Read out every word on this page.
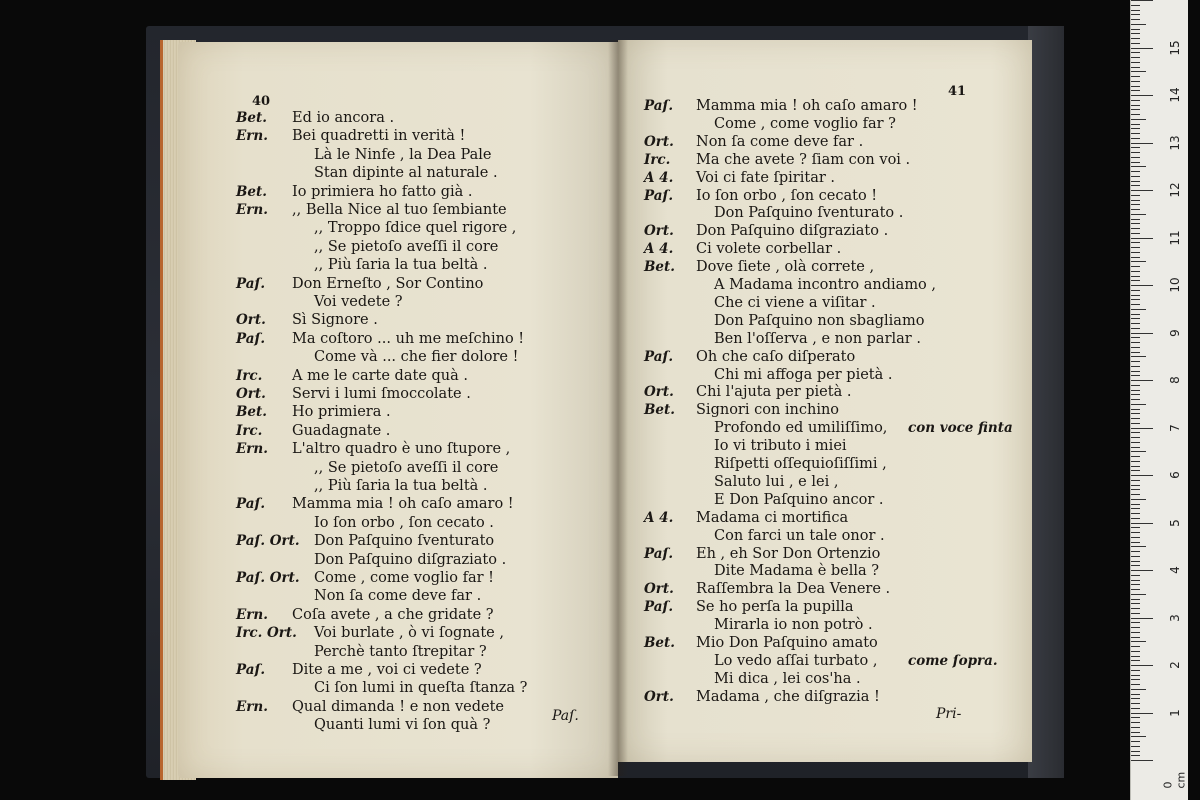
40
Bet. Ed io ancora .
Ern. Bei quadretti in verità !
Là le Ninfe , la Dea Pale
Stan dipinte al naturale .
Bet. Io primiera ho fatto già .
Ern. ,, Bella Nice al tuo ſembiante
,, Troppo ſdice quel rigore ,
,, Se pietoſo aveſſi il core
,, Più ſaria la tua beltà .
Paſ. Don Erneſto , Sor Contino
Voi vedete ?
Ort. Sì Signore .
Paſ. Ma coſtoro ... uh me meſchino !
Come và ... che fier dolore !
Irc. A me le carte date quà .
Ort. Servi i lumi ſmoccolate .
Bet. Ho primiera .
Irc. Guadagnate .
Ern. L'altro quadro è uno ſtupore ,
,, Se pietoſo aveſſi il core
,, Più ſaria la tua beltà .
Paſ. Mamma mia ! oh caſo amaro !
Io ſon orbo , ſon cecato .
Paſ. Ort. Don Paſquino ſventurato
Don Paſquino diſgraziato .
Paſ. Ort. Come , come voglio far !
Non ſa come deve far .
Ern. Coſa avete , a che gridate ?
Irc. Ort. Voi burlate , ò vi ſognate ,
Perchè tanto ſtrepitar ?
Paſ. Dite a me , voi ci vedete ?
Ci ſon lumi in queſta ſtanza ?
Ern. Qual dimanda ! e non vedete
Quanti lumi vi ſon quà ?
Paſ.
41
Paſ. Mamma mia ! oh caſo amaro !
Come , come voglio far ?
Ort. Non ſa come deve far .
Irc. Ma che avete ? ſiam con voi .
A 4. Voi ci fate ſpiritar .
Paſ. Io ſon orbo , ſon cecato !
Don Paſquino ſventurato .
Ort. Don Paſquino diſgraziato .
A 4. Ci volete corbellar .
Bet. Dove ſiete , olà correte ,
A Madama incontro andiamo ,
Che ci viene a viſitar .
Don Paſquino non sbagliamo
Ben l'oſſerva , e non parlar .
Paſ. Oh che caſo diſperato
Chi mi affoga per pietà .
Ort. Chi l'ajuta per pietà .
Bet. Signori con inchino
Profondo ed umiliſſimo, con voce finta
Io vi tributo i miei
Riſpetti oſſequioſiſſimi ,
Saluto lui , e lei ,
E Don Paſquino ancor .
A 4. Madama ci mortifica
Con farci un tale onor .
Paſ. Eh , eh Sor Don Ortenzio
Dite Madama è bella ?
Ort. Raſſembra la Dea Venere .
Paſ. Se ho perſa la pupilla
Mirarla io non potrò .
Bet. Mio Don Paſquino amato
Lo vedo aſſai turbato , come ſopra.
Mi dica , lei cos'ha .
Ort. Madama , che diſgrazia !
Pri-	1
2
3
4
5
6
7
8
9
10
11
12
13
14
15
0 cm
